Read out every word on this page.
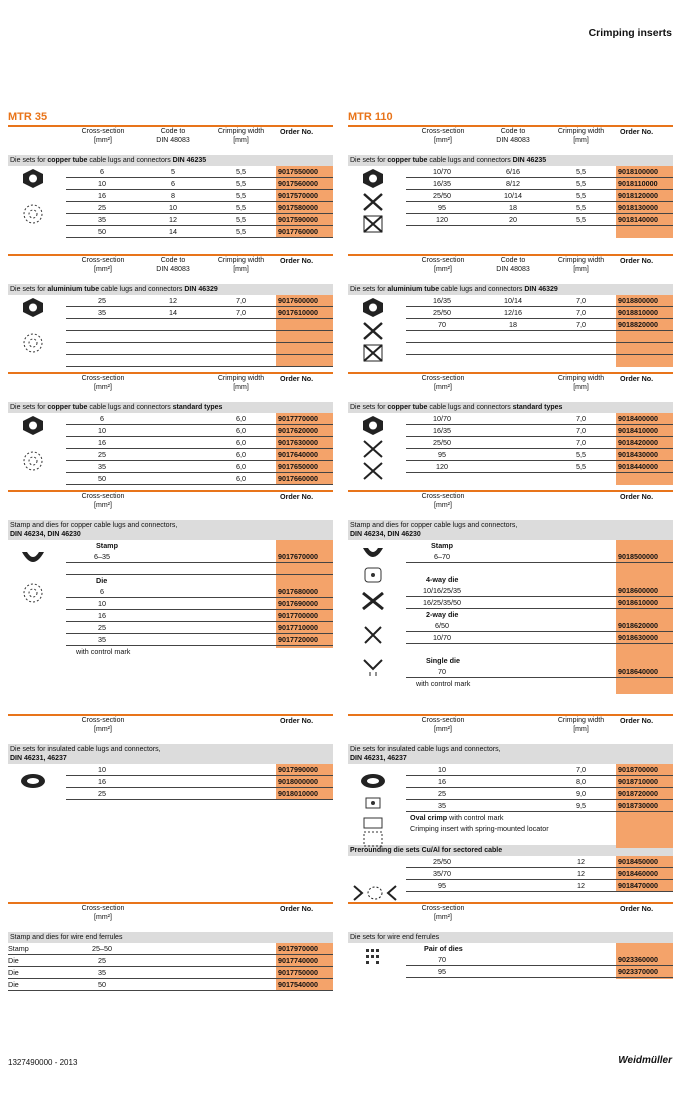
Crimping inserts
MTR 35
Cross-section
[mm²]
Code to
DIN 48083
Crimping width
[mm]
Order No.
Die sets for copper tube cable lugs and connectors DIN 46235
6	5	5,5	9017550000
10	6	5,5	9017560000
16	8	5,5	9017570000
25	10	5,5	9017580000
35	12	5,5	9017590000
50	14	5,5	9017760000
Cross-section
[mm²]
Code to
DIN 48083
Crimping width
[mm]
Order No.
Die sets for aluminium tube cable lugs and connectors DIN 46329
25	12	7,0	9017600000
35	14	7,0	9017610000
Cross-section
[mm²]
Crimping width
[mm]
Order No.
Die sets for copper tube cable lugs and connectors standard types
6	6,0	9017770000
10	6,0	9017620000
16	6,0	9017630000
25	6,0	9017640000
35	6,0	9017650000
50	6,0	9017660000
Cross-section
[mm²]
Order No.
Stamp and dies for copper cable lugs and connectors,
DIN 46234, DIN 46230
Stamp
6–35	9017670000
Die
6	9017680000
10	9017690000
16	9017700000
25	9017710000
35	9017720000
with control mark
Cross-section
[mm²]
Order No.
Die sets for insulated cable lugs and connectors,
DIN 46231, 46237
10	9017990000
16	9018000000
25	9018010000
Cross-section
[mm²]
Order No.
Stamp and dies for wire end ferrules
Stamp	25–50	9017970000
Die	25	9017740000
Die	35	9017750000
Die	50	9017540000
MTR 110
Cross-section
[mm²]
Code to
DIN 48083
Crimping width
[mm]
Order No.
Die sets for copper tube cable lugs and connectors DIN 46235
10/70	6/16	5,5	9018100000
16/35	8/12	5,5	9018110000
25/50	10/14	5,5	9018120000
95	18	5,5	9018130000
120	20	5,5	9018140000
Cross-section
[mm²]
Code to
DIN 48083
Crimping width
[mm]
Order No.
Die sets for aluminium tube cable lugs and connectors DIN 46329
16/35	10/14	7,0	9018800000
25/50	12/16	7,0	9018810000
70	18	7,0	9018820000
Cross-section
[mm²]
Crimping width
[mm]
Order No.
Die sets for copper tube cable lugs and connectors standard types
10/70	7,0	9018400000
16/35	7,0	9018410000
25/50	7,0	9018420000
95	5,5	9018430000
120	5,5	9018440000
Cross-section
[mm²]
Order No.
Stamp and dies for copper cable lugs and connectors,
DIN 46234, DIN 46230
Stamp
6–70	9018500000
4-way die
10/16/25/35	9018600000
16/25/35/50	9018610000
2-way die
6/50	9018620000
10/70	9018630000
Single die
70	9018640000
with control mark
Cross-section
[mm²]
Crimping width
[mm]
Order No.
Die sets for insulated cable lugs and connectors,
DIN 46231, 46237
10	7,0	9018700000
16	8,0	9018710000
25	9,0	9018720000
35	9,5	9018730000
Oval crimp with control mark
Crimping insert with spring-mounted locator
Prerounding die sets Cu/Al for sectored cable
25/50	12	9018450000
35/70	12	9018460000
95	12	9018470000
Cross-section
[mm²]
Order No.
Die sets for wire end ferrules
Pair of dies
70	9023360000
95	9023370000
1327490000 - 2013	Weidmüller
